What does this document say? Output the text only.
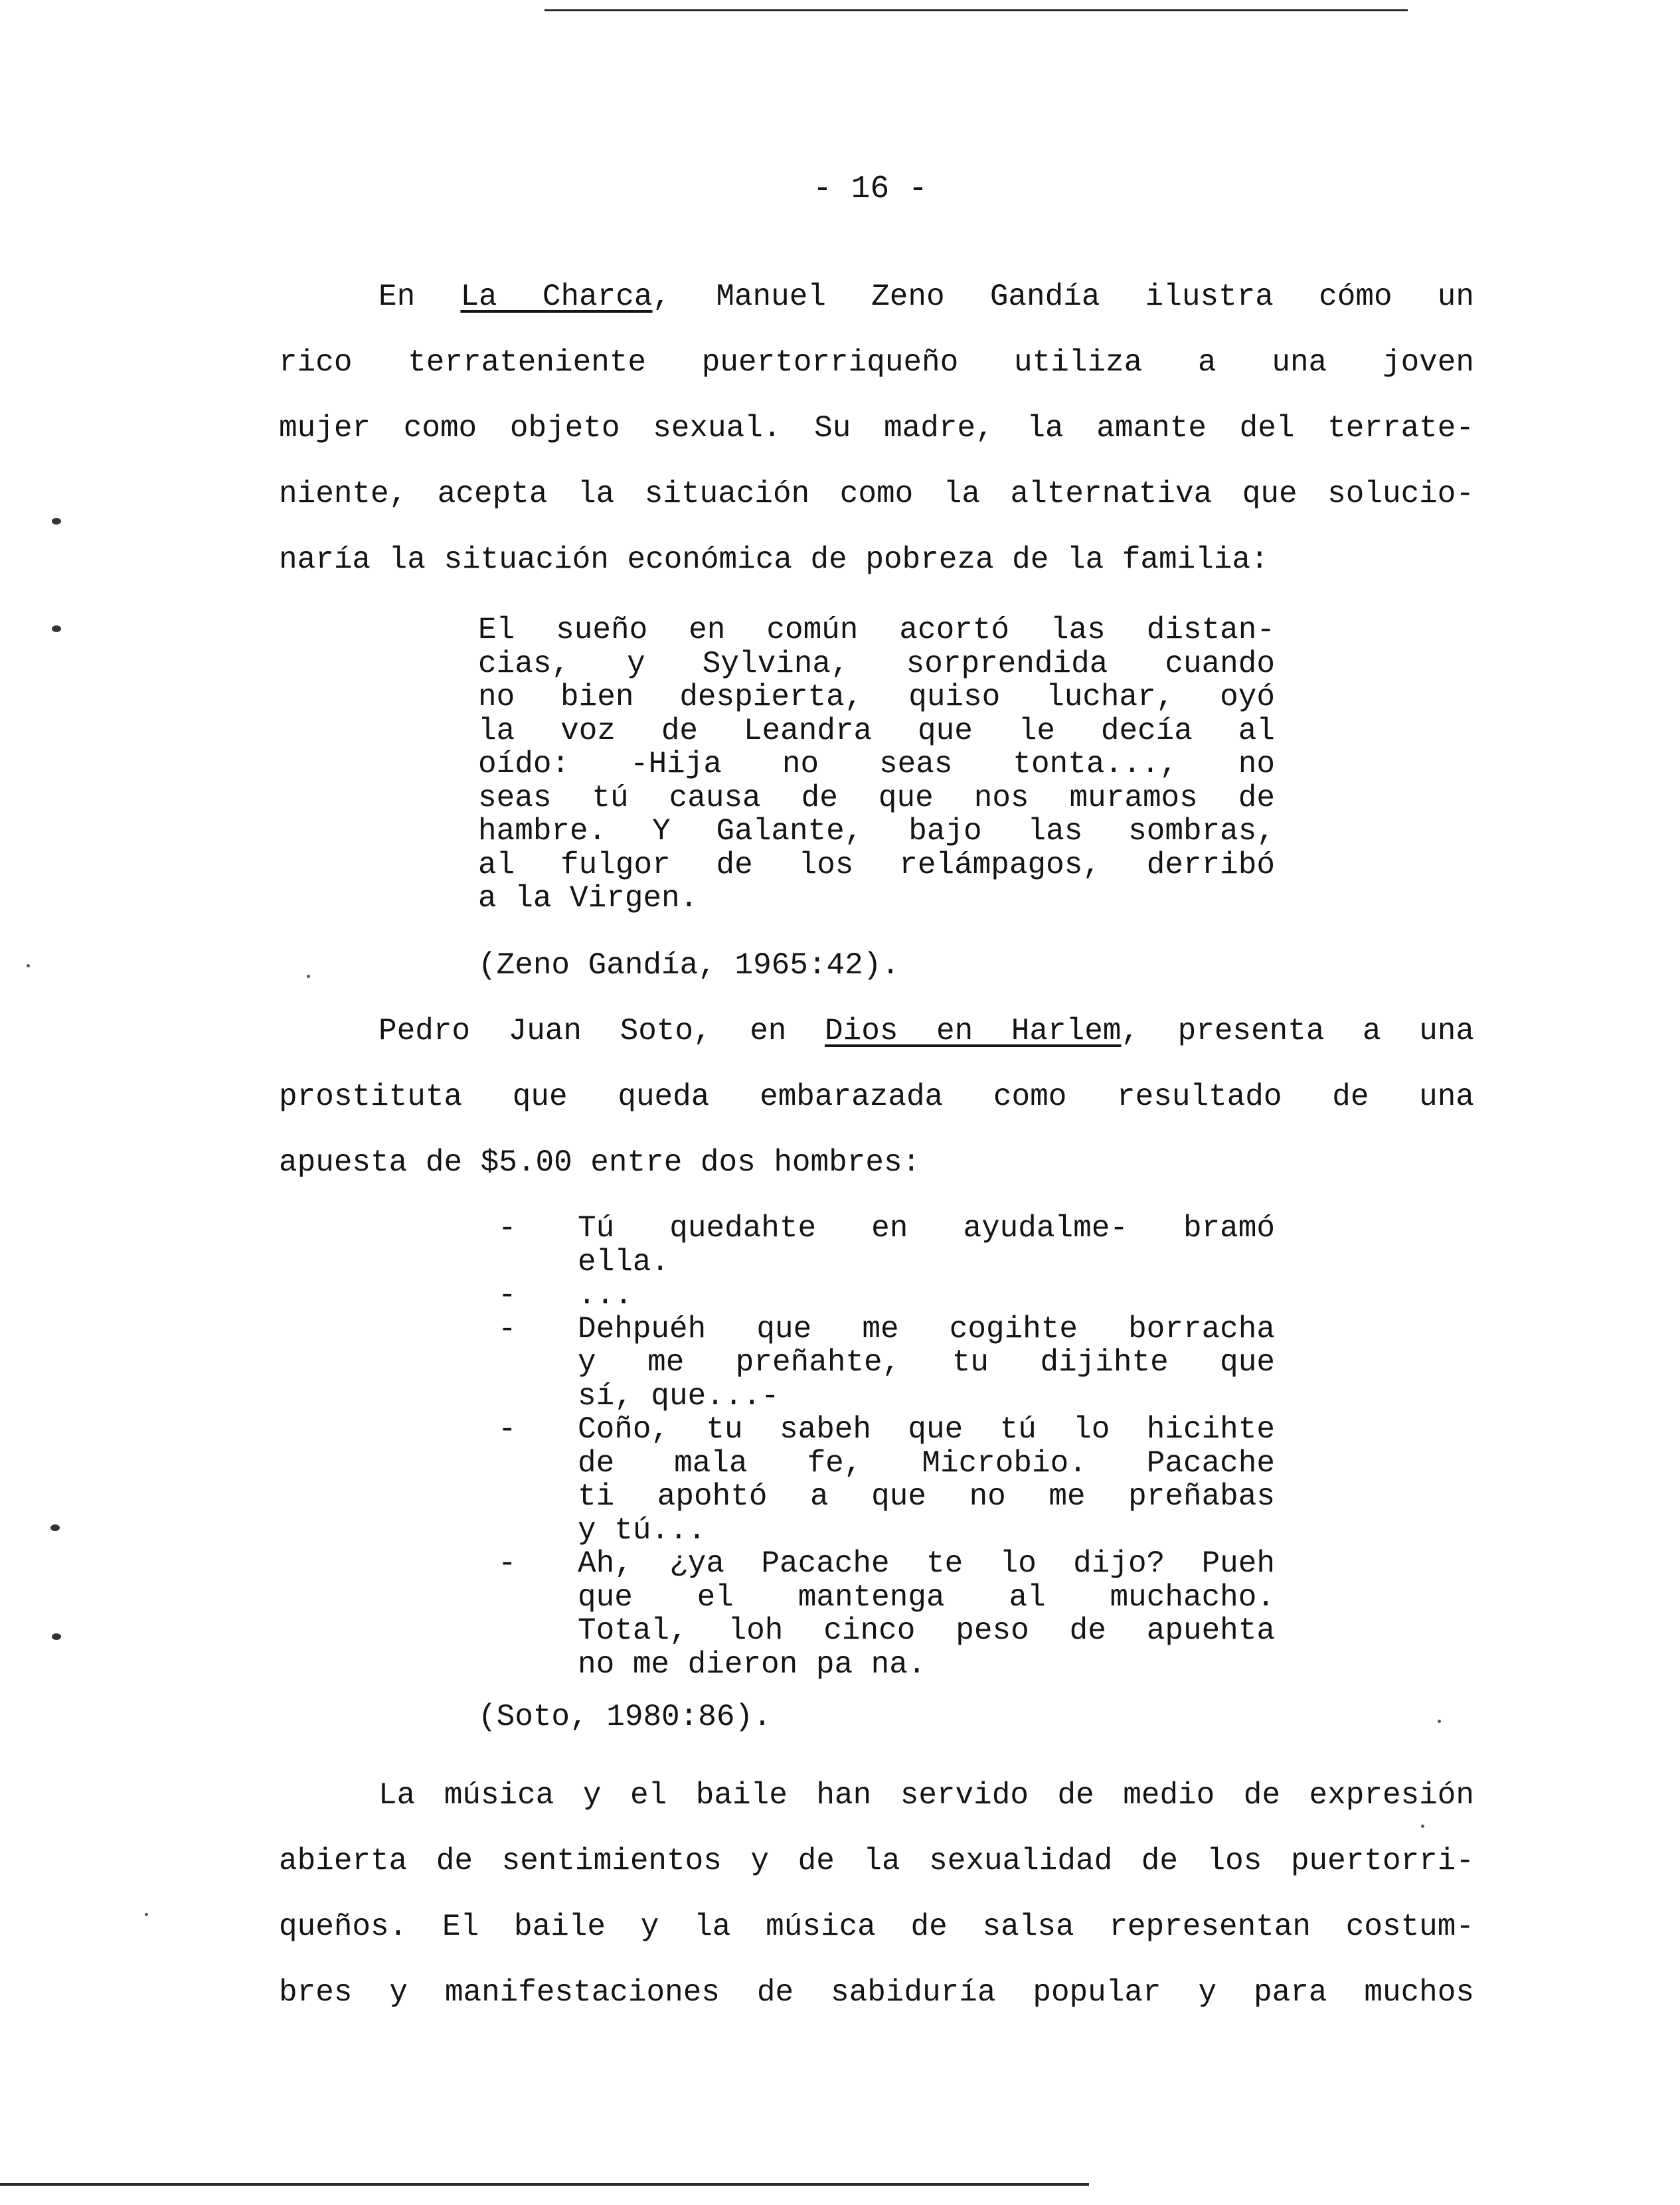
- 16 -
En La Charca, Manuel Zeno Gandía ilustra cómo un
rico terrateniente puertorriqueño utiliza a una joven
mujer como objeto sexual. Su madre, la amante del terrate-
niente, acepta la situación como la alternativa que solucio-
naría la situación económica de pobreza de la familia:
El sueño en común acortó las distan-
cias, y Sylvina, sorprendida cuando
no bien despierta, quiso luchar, oyó
la voz de Leandra que le decía al
oído: -Hija no seas tonta..., no
seas tú causa de que nos muramos de
hambre. Y Galante, bajo las sombras,
al fulgor de los relámpagos, derribó
a la Virgen.
(Zeno Gandía, 1965:42).
Pedro Juan Soto, en Dios en Harlem, presenta a una
prostituta que queda embarazada como resultado de una
apuesta de $5.00 entre dos hombres:
- Tú quedahte en ayudalme- bramó
ella.
- ...
- Dehpuéh que me cogihte borracha
y me preñahte, tu dijihte que
sí, que...-
- Coño, tu sabeh que tú lo hicihte
de mala fe, Microbio. Pacache
ti apohtó a que no me preñabas
y tú...
- Ah, ¿ya Pacache te lo dijo? Pueh
que el mantenga al muchacho.
Total, loh cinco peso de apuehta
no me dieron pa na.
(Soto, 1980:86).
La música y el baile han servido de medio de expresión
abierta de sentimientos y de la sexualidad de los puertorri-
queños. El baile y la música de salsa representan costum-
bres y manifestaciones de sabiduría popular y para muchos
